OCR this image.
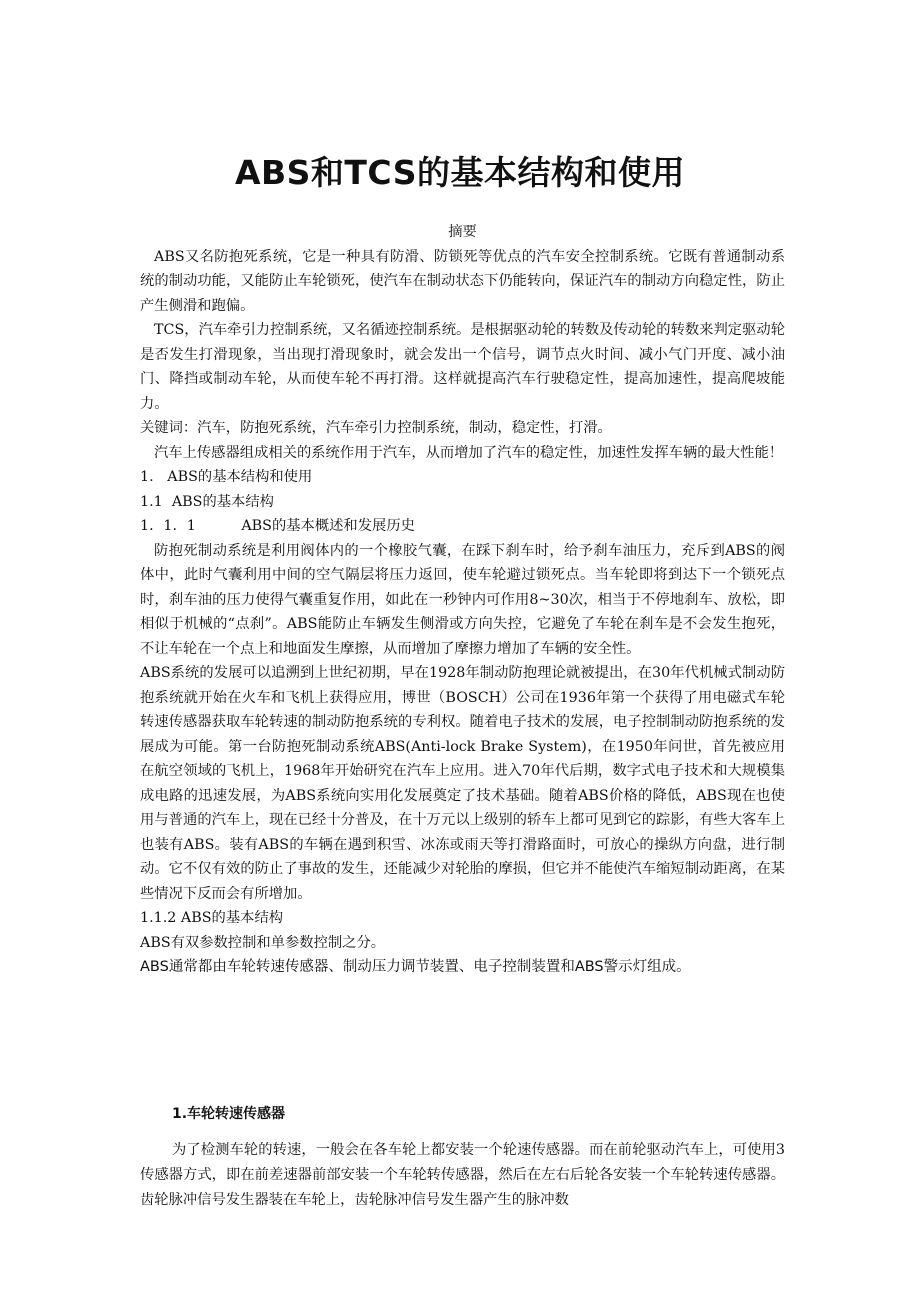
ABS和TCS的基本结构和使用

摘要

ABS又名防抱死系统，它是一种具有防滑、防锁死等优点的汽车安全控制系统。它既有普通制动系统的制动功能，又能防止车轮锁死，使汽车在制动状态下仍能转向，保证汽车的制动方向稳定性，防止产生侧滑和跑偏。

TCS，汽车牵引力控制系统，又名循迹控制系统。是根据驱动轮的转数及传动轮的转数来判定驱动轮是否发生打滑现象，当出现打滑现象时，就会发出一个信号，调节点火时间、减小气门开度、减小油门、降挡或制动车轮，从而使车轮不再打滑。这样就提高汽车行驶稳定性，提高加速性，提高爬坡能力。

关键词：汽车，防抱死系统，汽车牵引力控制系统，制动，稳定性，打滑。

汽车上传感器组成相关的系统作用于汽车，从而增加了汽车的稳定性，加速性发挥车辆的最大性能！

1.   ABS的基本结构和使用

1.1  ABS的基本结构

1．1．1          ABS的基本概述和发展历史

防抱死制动系统是利用阀体内的一个橡胶气囊，在踩下刹车时，给予刹车油压力，充斥到ABS的阀体中，此时气囊利用中间的空气隔层将压力返回，使车轮避过锁死点。当车轮即将到达下一个锁死点时，刹车油的压力使得气囊重复作用，如此在一秒钟内可作用8~30次，相当于不停地刹车、放松，即相似于机械的“点刹”。ABS能防止车辆发生侧滑或方向失控，它避免了车轮在刹车是不会发生抱死，不让车轮在一个点上和地面发生摩擦，从而增加了摩擦力增加了车辆的安全性。

ABS系统的发展可以追溯到上世纪初期，早在1928年制动防抱理论就被提出，在30年代机械式制动防抱系统就开始在火车和飞机上获得应用，博世（BOSCH）公司在1936年第一个获得了用电磁式车轮转速传感器获取车轮转速的制动防抱系统的专利权。随着电子技术的发展，电子控制制动防抱系统的发展成为可能。第一台防抱死制动系统ABS(Anti-lock Brake System)，在1950年问世，首先被应用在航空领域的飞机上，1968年开始研究在汽车上应用。进入70年代后期，数字式电子技术和大规模集成电路的迅速发展，为ABS系统向实用化发展奠定了技术基础。随着ABS价格的降低，ABS现在也使用与普通的汽车上，现在已经十分普及，在十万元以上级别的轿车上都可见到它的踪影，有些大客车上也装有ABS。装有ABS的车辆在遇到积雪、冰冻或雨天等打滑路面时，可放心的操纵方向盘，进行制动。它不仅有效的防止了事故的发生，还能减少对轮胎的摩损，但它并不能使汽车缩短制动距离，在某些情况下反而会有所增加。

1.1.2 ABS的基本结构

ABS有双参数控制和单参数控制之分。

ABS通常都由车轮转速传感器、制动压力调节装置、电子控制装置和ABS警示灯组成。

1.车轮转速传感器

为了检测车轮的转速，一般会在各车轮上都安装一个轮速传感器。而在前轮驱动汽车上，可使用3传感器方式，即在前差速器前部安装一个车轮转传感器，然后在左右后轮各安装一个车轮转速传感器。齿轮脉冲信号发生器装在车轮上，齿轮脉冲信号发生器产生的脉冲数
